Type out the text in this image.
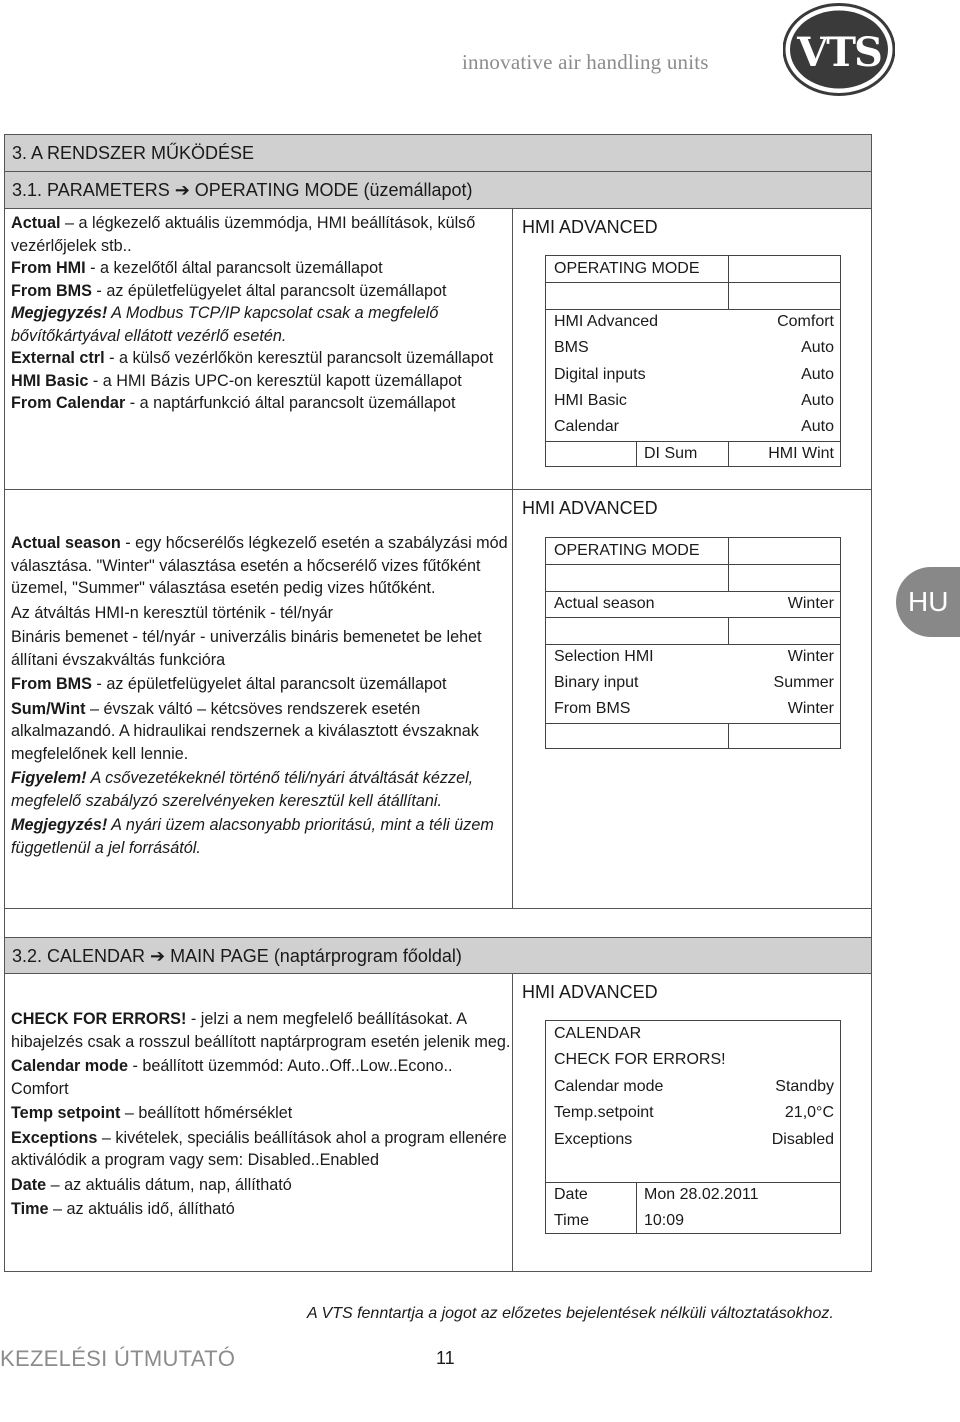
innovative air handling units VTS
3. A RENDSZER MŰKÖDÉSE
3.1. PARAMETERS ➔ OPERATING MODE (üzemállapot)

Actual – a légkezelő aktuális üzemmódja, HMI beállítások, külső vezérlőjelek stb..

From HMI - a kezelőtől által parancsolt üzemállapot

From BMS - az épületfelügyelet által parancsolt üzemállapot

Megjegyzés! A Modbus TCP/IP kapcsolat csak a megfelelő bővítőkártyával ellátott vezérlő esetén.

External ctrl - a külső vezérlőkön keresztül parancsolt üzemállapot

HMI Basic - a HMI Bázis UPC-on keresztül kapott üzemállapot

From Calendar - a naptárfunkció által parancsolt üzemállapot

HMI ADVANCED
OPERATING MODE
HMI Advanced	Comfort
BMS	Auto
Digital inputs	Auto
HMI Basic	Auto
Calendar	Auto
DI Sum	HMI Wint

Actual season - egy hőcserélős légkezelő esetén a szabályzási mód választása. "Winter" választása esetén a hőcserélő vizes fűtőként üzemel, "Summer" választása esetén pedig vizes hűtőként.

Az átváltás HMI-n keresztül történik - tél/nyár

Bináris bemenet - tél/nyár - univerzális bináris bemenetet be lehet állítani évszakváltás funkcióra

From BMS - az épületfelügyelet által parancsolt üzemállapot

Sum/Wint – évszak váltó – kétcsöves rendszerek esetén alkalmazandó. A hidraulikai rendszernek a kiválasztott évszaknak megfelelőnek kell lennie.

Figyelem! A csővezetékeknél történő téli/nyári átváltását kézzel, megfelelő szabályzó szerelvényeken keresztül kell átállítani.

Megjegyzés! A nyári üzem alacsonyabb prioritású, mint a téli üzem függetlenül a jel forrásától.

HMI ADVANCED
OPERATING MODE
Actual season	Winter
Selection HMI	Winter
Binary input	Summer
From BMS	Winter
3.2. CALENDAR ➔ MAIN PAGE (naptárprogram főoldal)

CHECK FOR ERRORS! - jelzi a nem megfelelő beállításokat. A hibajelzés csak a rosszul beállított naptárprogram esetén jelenik meg.

Calendar mode - beállított üzemmód: Auto..Off..Low..Econo.. Comfort

Temp setpoint – beállított hőmérséklet

Exceptions – kivételek, speciális beállítások ahol a program ellenére aktiválódik a program vagy sem: Disabled..Enabled

Date – az aktuális dátum, nap, állítható

Time – az aktuális idő, állítható

HMI ADVANCED
CALENDAR
CHECK FOR ERRORS!
Calendar mode	Standby
Temp.setpoint	21,0°C
Exceptions	Disabled
Date	Mon 28.02.2011
Time	10:09
HU
A VTS fenntartja a jogot az előzetes bejelentések nélküli változtatásokhoz.
KEZELÉSI ÚTMUTATÓ	11
